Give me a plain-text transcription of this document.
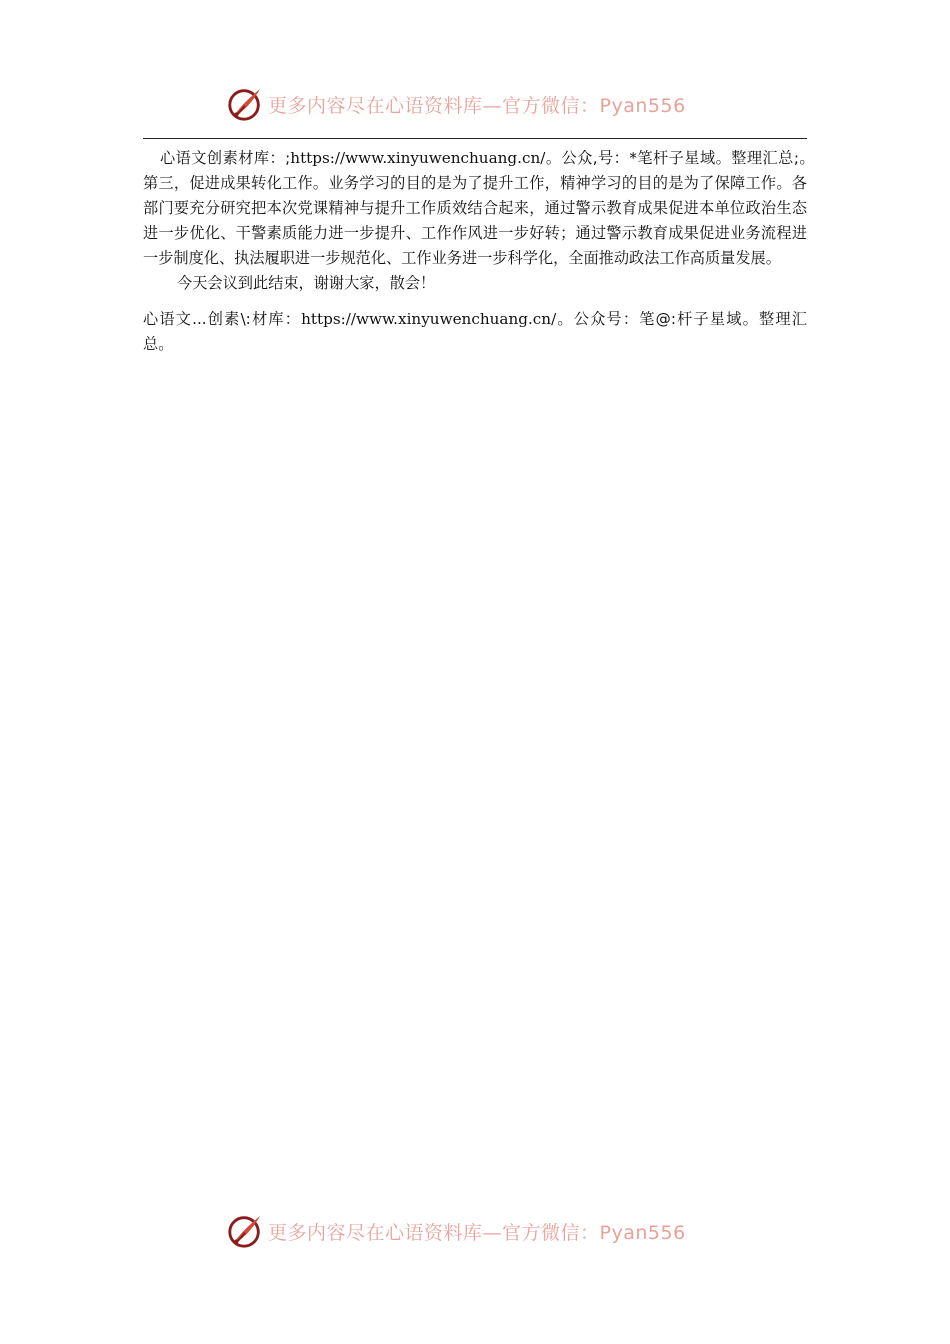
更多内容尽在心语资料库—官方微信：Pyan556

心语文创素材库：;https://www.xinyuwenchuang.cn/。公众,号：*笔杆子星域。整理汇总;。　第三，促进成果转化工作。业务学习的目的是为了提升工作，精神学习的目的是为了保障工作。各部门要充分研究把本次党课精神与提升工作质效结合起来，通过警示教育成果促进本单位政治生态进一步优化、干警素质能力进一步提升、工作作风进一步好转；通过警示教育成果促进业务流程进一步制度化、执法履职进一步规范化、工作业务进一步科学化，全面推动政法工作高质量发展。

今天会议到此结束，谢谢大家，散会！

心语文...创素\:材库：https://www.xinyuwenchuang.cn/。公众号：笔@:杆子星域。整理汇总。

更多内容尽在心语资料库—官方微信：Pyan556
